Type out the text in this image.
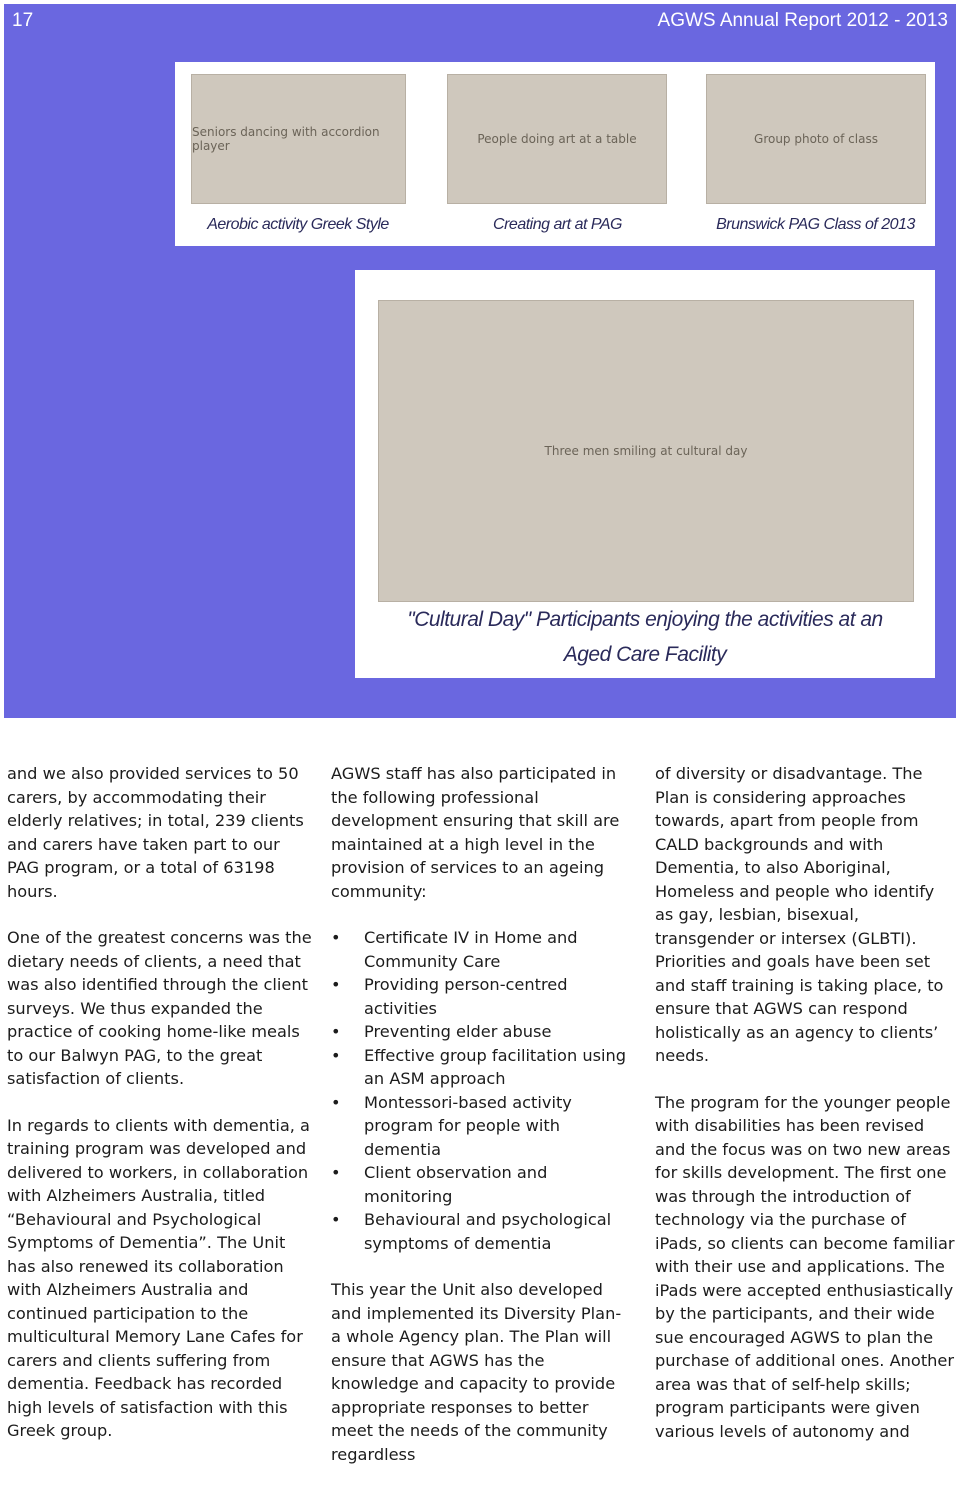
17	AGWS Annual Report 2012 - 2013
Seniors dancing with accordion player
Aerobic activity Greek Style
People doing art at a table
Creating art at PAG
Group photo of class
Brunswick PAG Class of 2013
Three men smiling at cultural day
"Cultural Day" Participants enjoying the activities at an
Aged Care Facility

and we also provided services to 50 carers, by accommodating their elderly relatives; in total, 239 clients and carers have taken part to our PAG program, or a total of 63198 hours.

One of the greatest concerns was the dietary needs of clients, a need that was also identified through the client surveys. We thus expanded the practice of cooking home-like meals to our Balwyn PAG, to the great satisfaction of clients.

In regards to clients with dementia, a training program was developed and delivered to workers, in collaboration with Alzheimers Australia, titled “Behavioural and Psychological Symptoms of Dementia”. The Unit has also renewed its collaboration with Alzheimers Australia and continued participation to the multicultural Memory Lane Cafes for carers and clients suffering from dementia. Feedback has recorded high levels of satisfaction with this Greek group.

AGWS staff has also participated in the following professional development ensuring that skill are maintained at a high level in the provision of services to an ageing community:

• Certificate IV in Home and Community Care
• Providing person-centred activities
• Preventing elder abuse
• Effective group facilitation using an ASM approach
• Montessori-based activity program for people with dementia
• Client observation and monitoring
• Behavioural and psychological symptoms of dementia

This year the Unit also developed and implemented its Diversity Plan-a whole Agency plan. The Plan will ensure that AGWS has the knowledge and capacity to provide appropriate responses to better meet the needs of the community regardless

of diversity or disadvantage. The Plan is considering approaches towards, apart from people from CALD backgrounds and with Dementia, to also Aboriginal, Homeless and people who identify as gay, lesbian, bisexual, transgender or intersex (GLBTI). Priorities and goals have been set and staff training is taking place, to ensure that AGWS can respond holistically as an agency to clients’ needs.

The program for the younger people with disabilities has been revised and the focus was on two new areas for skills development. The first one was through the introduction of technology via the purchase of iPads, so clients can become familiar with their use and applications. The iPads were accepted enthusiastically by the participants, and their wide sue encouraged AGWS to plan the purchase of additional ones. Another area was that of self-help skills; program participants were given various levels of autonomy and
